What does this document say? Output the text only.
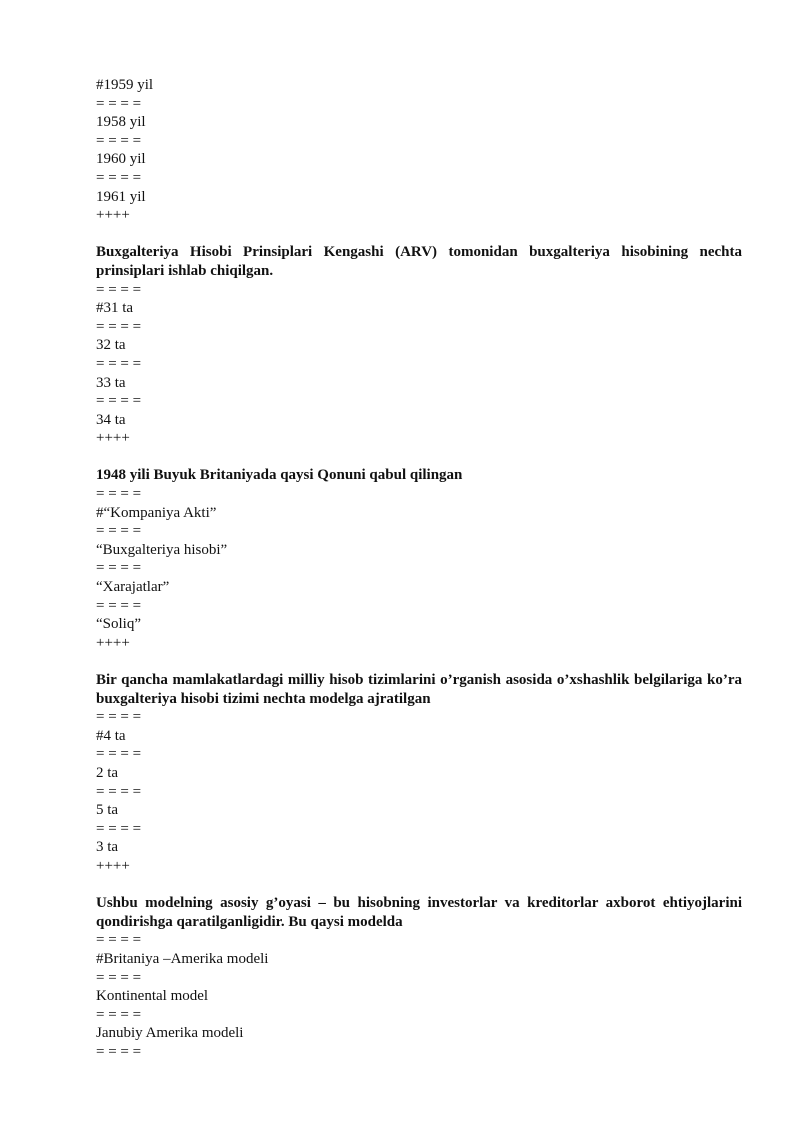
#1959 yil
= = = =
1958 yil
= = = =
1960 yil
= = = =
1961 yil
++++
Buxgalteriya Hisobi Prinsiplari Kengashi (ARV) tomonidan buxgalteriya hisobining nechta prinsiplari ishlab chiqilgan.
= = = =
#31 ta
= = = =
32 ta
= = = =
33 ta
= = = =
34 ta
++++
1948 yili Buyuk Britaniyada qaysi Qonuni qabul qilingan
= = = =
#“Kompaniya Akti”
= = = =
“Buxgalteriya hisobi”
= = = =
“Xarajatlar”
= = = =
“Soliq”
++++
Bir qancha mamlakatlardagi milliy hisob tizimlarini o’rganish asosida o’xshashlik belgilariga ko’ra buxgalteriya hisobi tizimi nechta modelga ajratilgan
= = = =
#4 ta
= = = =
2 ta
= = = =
5 ta
= = = =
3 ta
++++
Ushbu modelning asosiy g’oyasi – bu hisobning investorlar va kreditorlar axborot ehtiyojlarini qondirishga qaratilganligidir. Bu qaysi modelda
= = = =
#Britaniya –Amerika modeli
= = = =
Kontinental model
= = = =
Janubiy Amerika modeli
= = = =
